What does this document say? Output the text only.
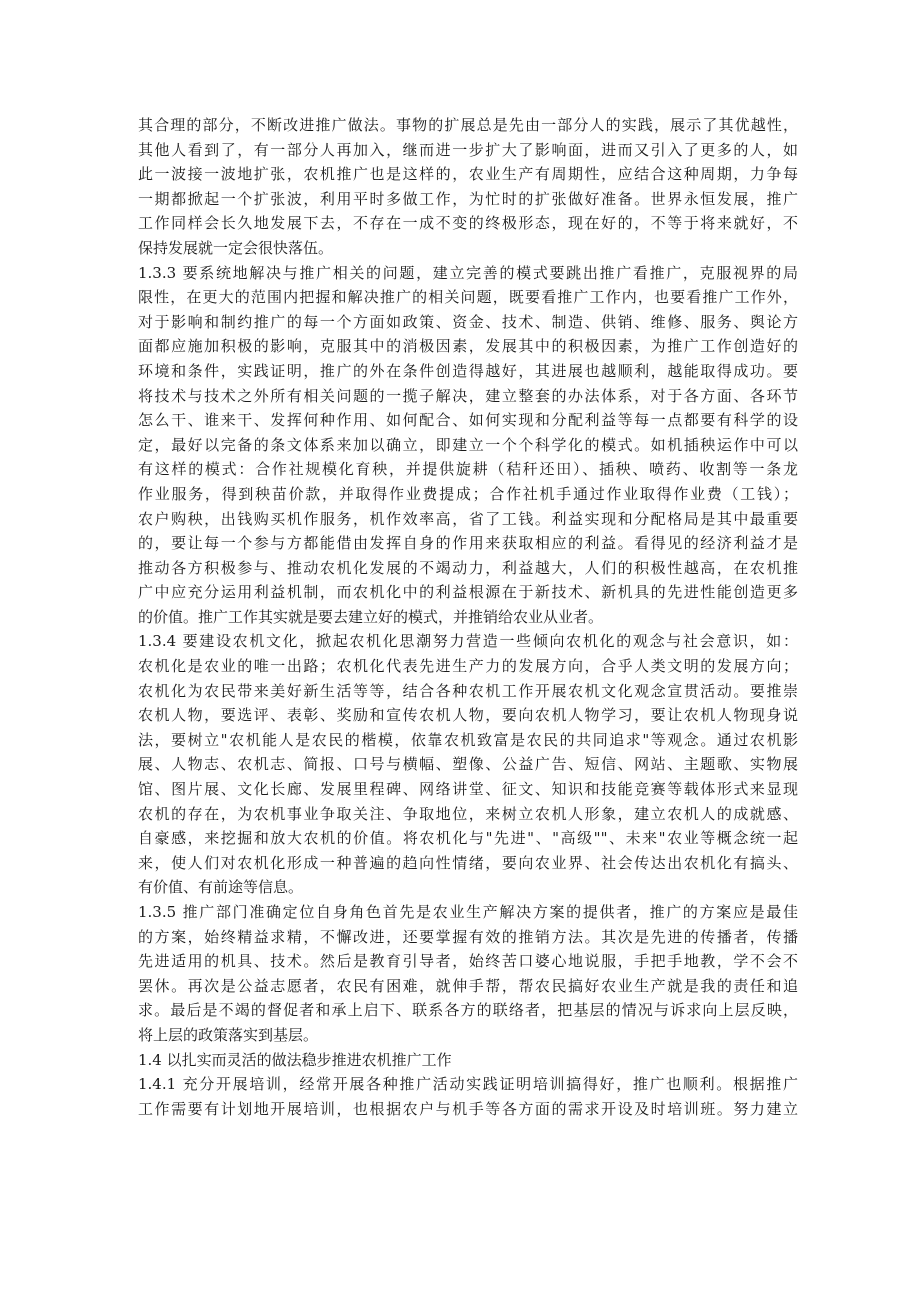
其合理的部分，不断改进推广做法。事物的扩展总是先由一部分人的实践，展示了其优越性，
其他人看到了，有一部分人再加入，继而进一步扩大了影响面，进而又引入了更多的人，如
此一波接一波地扩张，农机推广也是这样的，农业生产有周期性，应结合这种周期，力争每
一期都掀起一个扩张波，利用平时多做工作，为忙时的扩张做好准备。世界永恒发展，推广
工作同样会长久地发展下去，不存在一成不变的终极形态，现在好的，不等于将来就好，不
保持发展就一定会很快落伍。
1.3.3 要系统地解决与推广相关的问题，建立完善的模式要跳出推广看推广，克服视界的局
限性，在更大的范围内把握和解决推广的相关问题，既要看推广工作内，也要看推广工作外，
对于影响和制约推广的每一个方面如政策、资金、技术、制造、供销、维修、服务、舆论方
面都应施加积极的影响，克服其中的消极因素，发展其中的积极因素，为推广工作创造好的
环境和条件，实践证明，推广的外在条件创造得越好，其进展也越顺利，越能取得成功。要
将技术与技术之外所有相关问题的一揽子解决，建立整套的办法体系，对于各方面、各环节
怎么干、谁来干、发挥何种作用、如何配合、如何实现和分配利益等每一点都要有科学的设
定，最好以完备的条文体系来加以确立，即建立一个个科学化的模式。如机插秧运作中可以
有这样的模式：合作社规模化育秧，并提供旋耕（秸秆还田）、插秧、喷药、收割等一条龙
作业服务，得到秧苗价款，并取得作业费提成；合作社机手通过作业取得作业费（工钱）；
农户购秧，出钱购买机作服务，机作效率高，省了工钱。利益实现和分配格局是其中最重要
的，要让每一个参与方都能借由发挥自身的作用来获取相应的利益。看得见的经济利益才是
推动各方积极参与、推动农机化发展的不竭动力，利益越大，人们的积极性越高，在农机推
广中应充分运用利益机制，而农机化中的利益根源在于新技术、新机具的先进性能创造更多
的价值。推广工作其实就是要去建立好的模式，并推销给农业从业者。
1.3.4 要建设农机文化，掀起农机化思潮努力营造一些倾向农机化的观念与社会意识，如：
农机化是农业的唯一出路；农机化代表先进生产力的发展方向，合乎人类文明的发展方向；
农机化为农民带来美好新生活等等，结合各种农机工作开展农机文化观念宣贯活动。要推崇
农机人物，要选评、表彰、奖励和宣传农机人物，要向农机人物学习，要让农机人物现身说
法，要树立"农机能人是农民的楷模，依靠农机致富是农民的共同追求"等观念。通过农机影
展、人物志、农机志、简报、口号与横幅、塑像、公益广告、短信、网站、主题歌、实物展
馆、图片展、文化长廊、发展里程碑、网络讲堂、征文、知识和技能竞赛等载体形式来显现
农机的存在，为农机事业争取关注、争取地位，来树立农机人形象，建立农机人的成就感、
自豪感，来挖掘和放大农机的价值。将农机化与"先进"、"高级""、未来"农业等概念统一起
来，使人们对农机化形成一种普遍的趋向性情绪，要向农业界、社会传达出农机化有搞头、
有价值、有前途等信息。
1.3.5 推广部门准确定位自身角色首先是农业生产解决方案的提供者，推广的方案应是最佳
的方案，始终精益求精，不懈改进，还要掌握有效的推销方法。其次是先进的传播者，传播
先进适用的机具、技术。然后是教育引导者，始终苦口婆心地说服，手把手地教，学不会不
罢休。再次是公益志愿者，农民有困难，就伸手帮，帮农民搞好农业生产就是我的责任和追
求。最后是不竭的督促者和承上启下、联系各方的联络者，把基层的情况与诉求向上层反映，
将上层的政策落实到基层。
1.4 以扎实而灵活的做法稳步推进农机推广工作
1.4.1 充分开展培训，经常开展各种推广活动实践证明培训搞得好，推广也顺利。根据推广
工作需要有计划地开展培训，也根据农户与机手等各方面的需求开设及时培训班。努力建立
